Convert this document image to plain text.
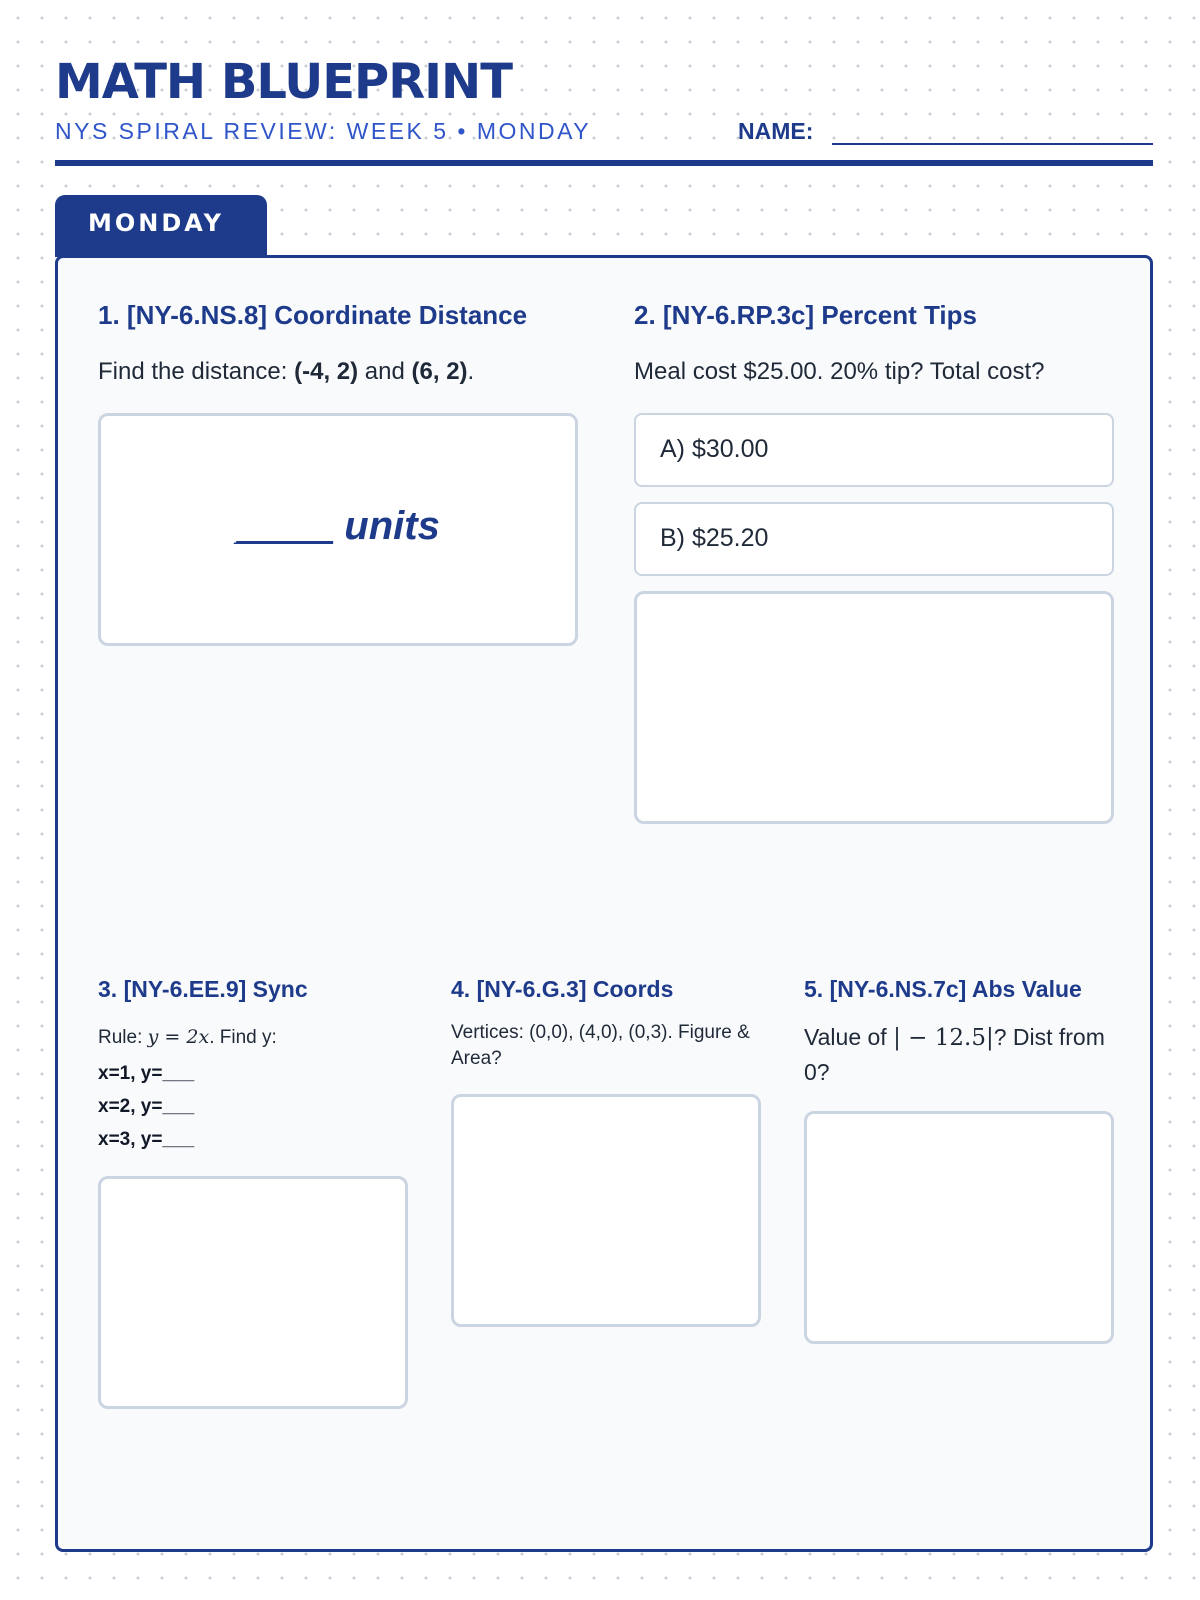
MATH BLUEPRINT
NYS SPIRAL REVIEW: WEEK 5 • MONDAY	NAME:
MONDAY
1. [NY-6.NS.8] Coordinate Distance
Find the distance: (-4, 2) and (6, 2).
____ units
2. [NY-6.RP.3c] Percent Tips
Meal cost $25.00. 20% tip? Total cost?
A) $30.00
B) $25.20
3. [NY-6.EE.9] Sync
Rule: y = 2x. Find y:
x=1, y=___
x=2, y=___
x=3, y=___
4. [NY-6.G.3] Coords
Vertices: (0,0), (4,0), (0,3). Figure & Area?
5. [NY-6.NS.7c] Abs Value
Value of | − 12.5|? Dist from 0?
